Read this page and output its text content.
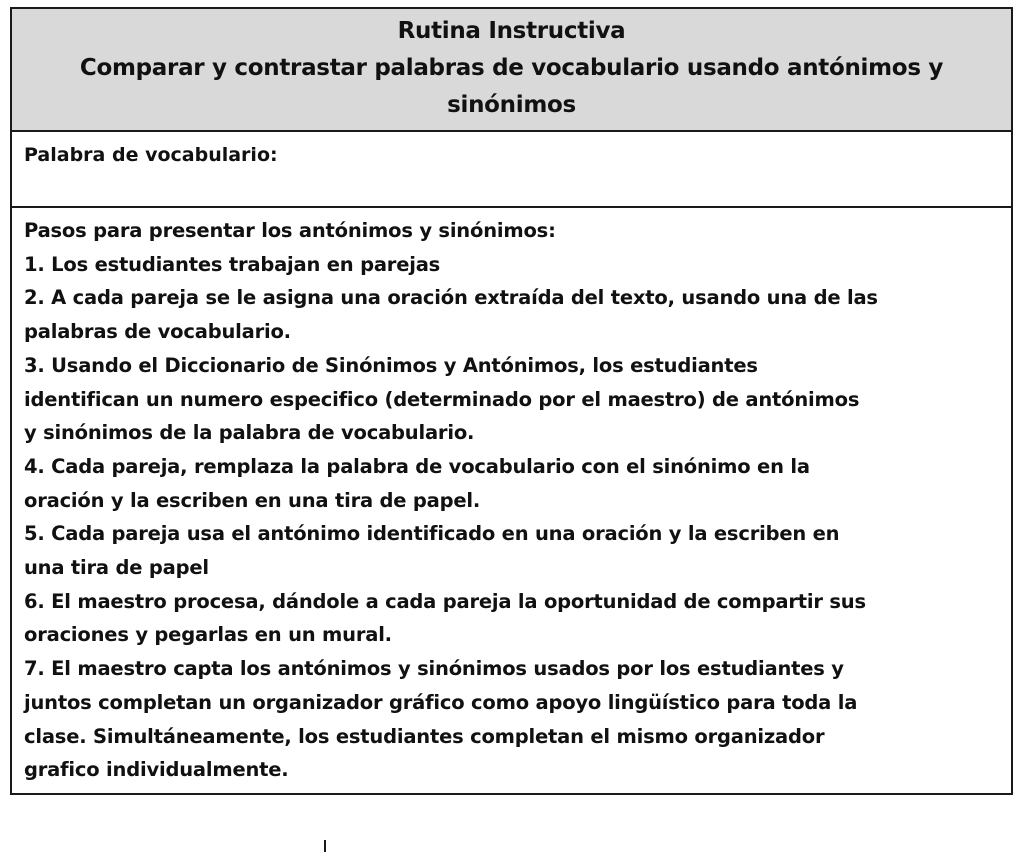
Rutina Instructiva
Comparar y contrastar palabras de vocabulario usando antónimos y
sinónimos
Palabra de vocabulario:
Pasos para presentar los antónimos y sinónimos:
1. Los estudiantes trabajan en parejas
2. A cada pareja se le asigna una oración extraída del texto, usando una de las
palabras de vocabulario.
3. Usando el Diccionario de Sinónimos y Antónimos, los estudiantes
identifican un numero especifico (determinado por el maestro) de antónimos
y sinónimos de la palabra de vocabulario.
4. Cada pareja, remplaza la palabra de vocabulario con el sinónimo en la
oración y la escriben en una tira de papel.
5. Cada pareja usa el antónimo identificado en una oración y la escriben en
una tira de papel
6. El maestro procesa, dándole a cada pareja la oportunidad de compartir sus
oraciones y pegarlas en un mural.
7. El maestro capta los antónimos y sinónimos usados por los estudiantes y
juntos completan un organizador gráfico como apoyo lingüístico para toda la
clase. Simultáneamente, los estudiantes completan el mismo organizador
grafico individualmente.
